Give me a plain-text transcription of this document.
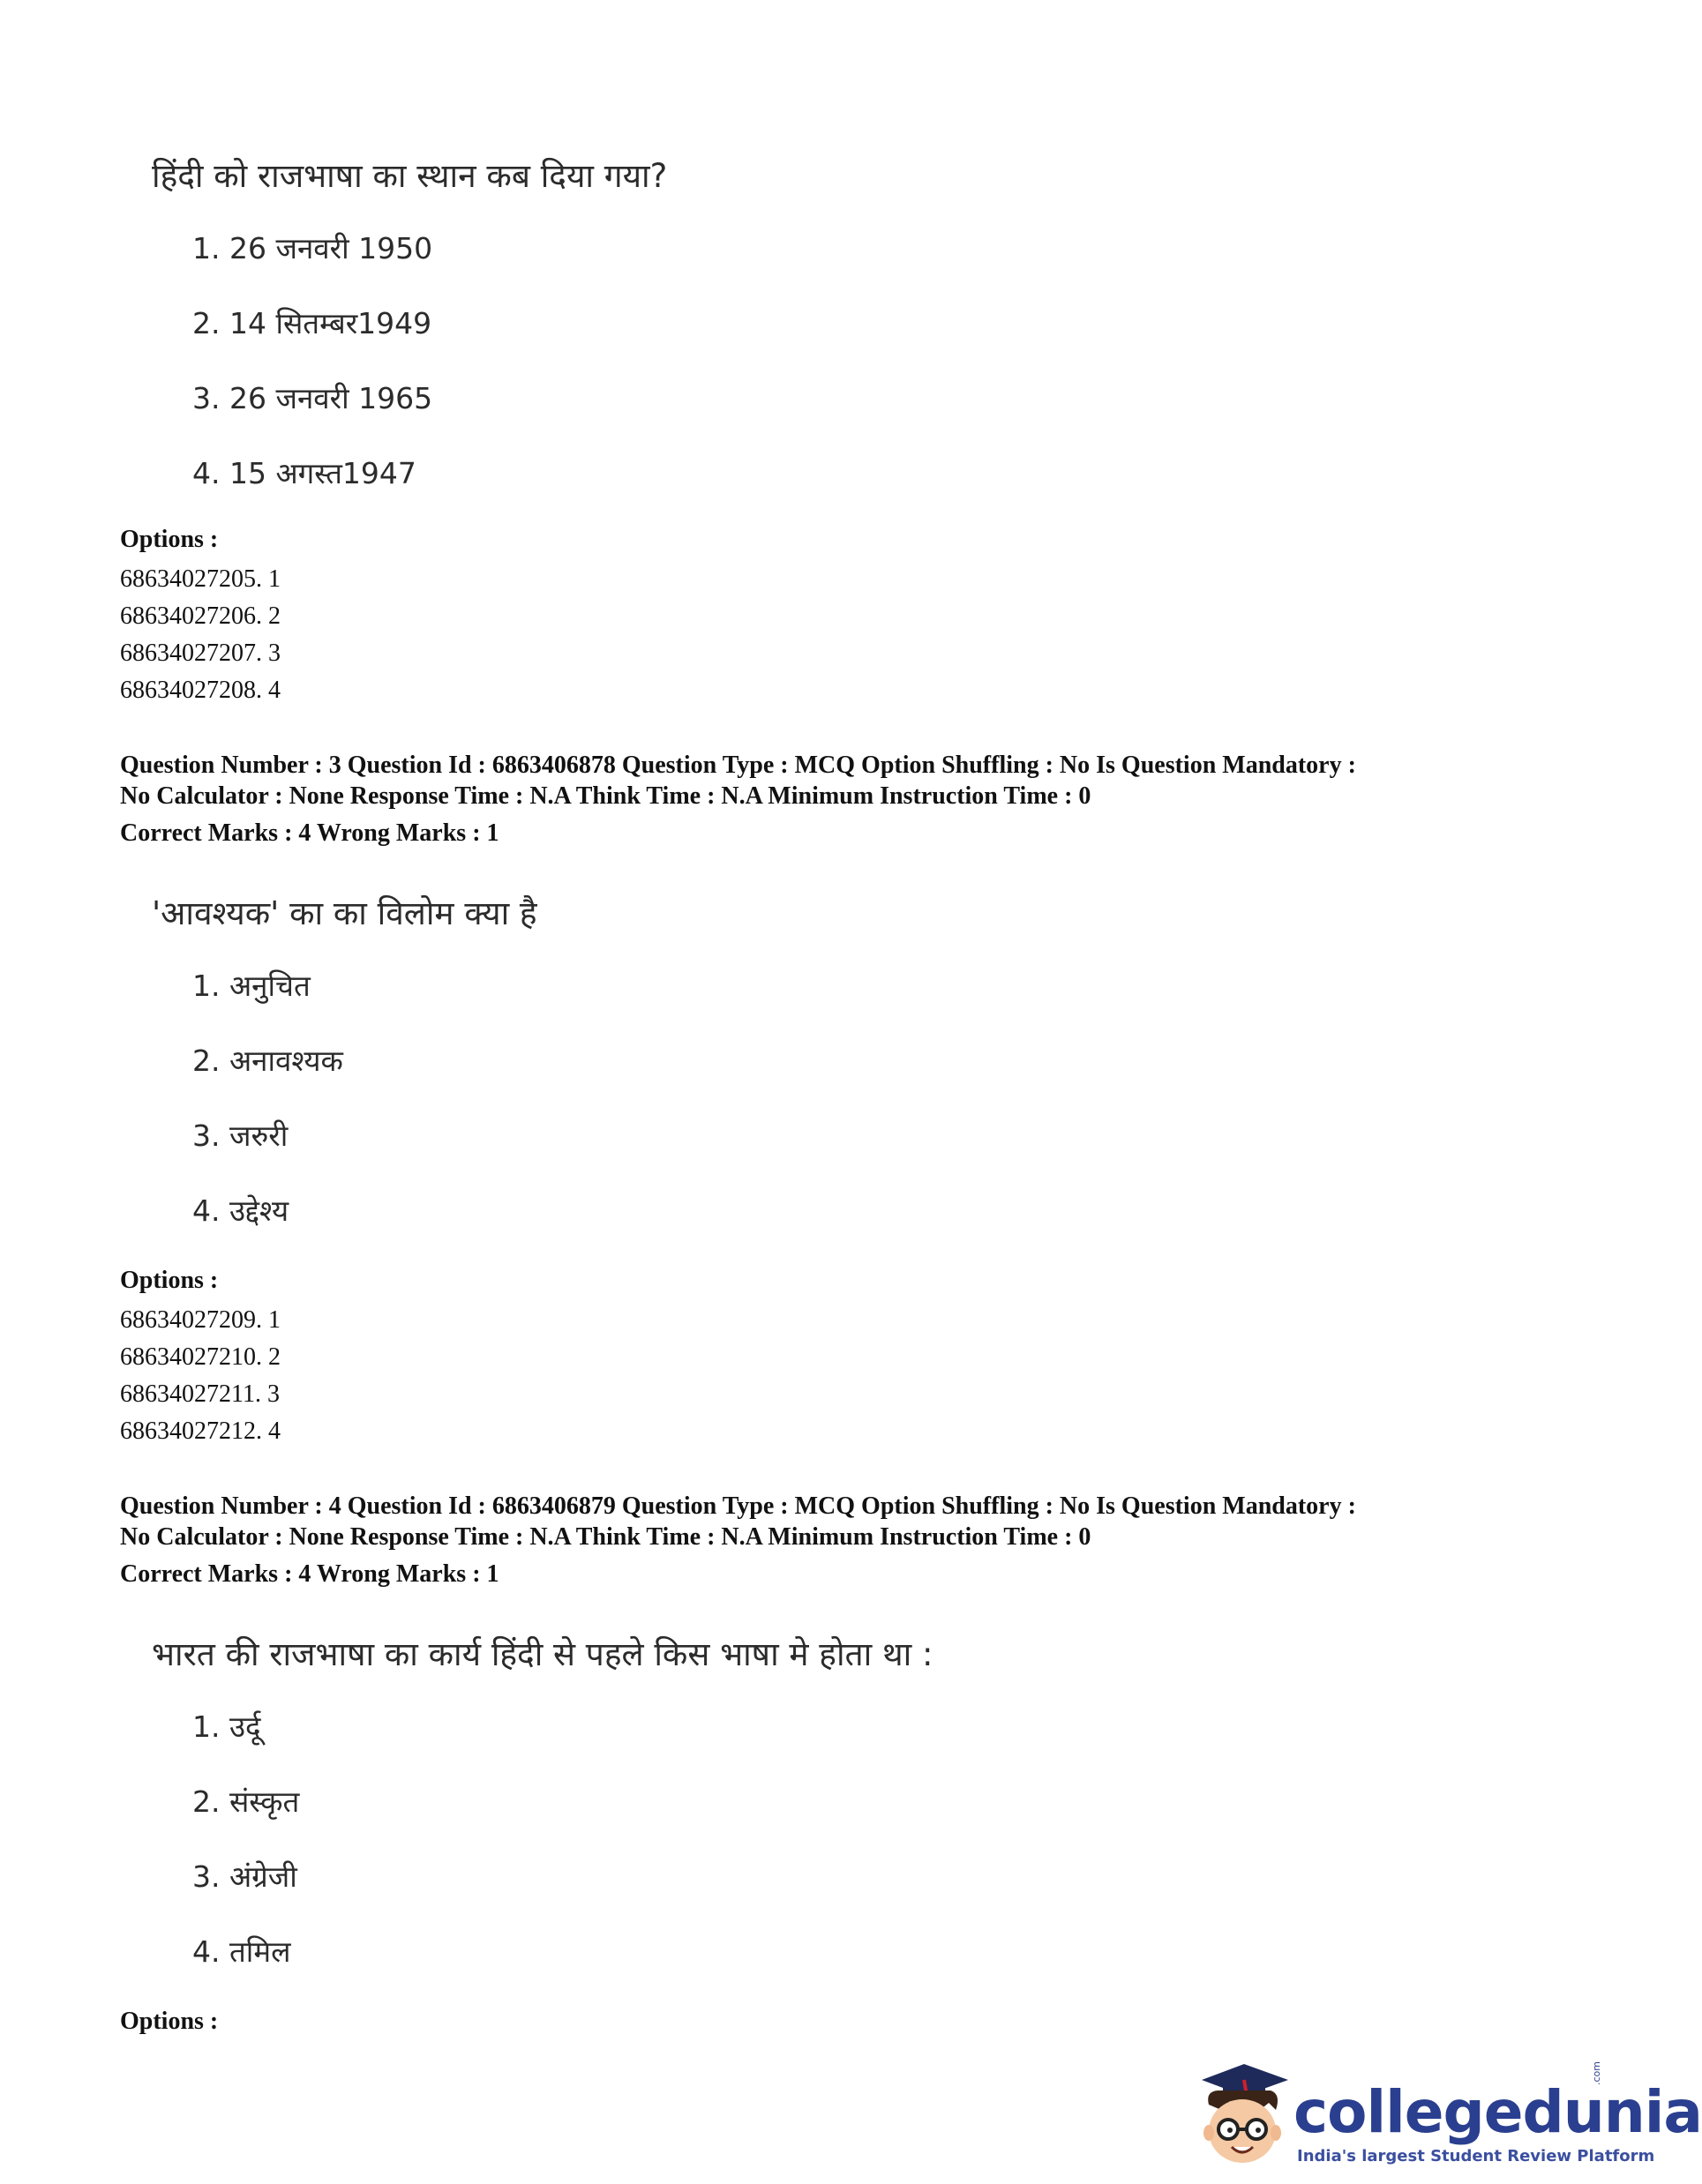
हिंदी को राजभाषा का स्थान कब दिया गया?
1. 26 जनवरी 1950
2. 14 सितम्बर1949
3. 26 जनवरी 1965
4. 15 अगस्त1947
Options :
68634027205. 1
68634027206. 2
68634027207. 3
68634027208. 4
Question Number : 3 Question Id : 6863406878 Question Type : MCQ Option Shuffling : No Is Question Mandatory :
No Calculator : None Response Time : N.A Think Time : N.A Minimum Instruction Time : 0
Correct Marks : 4 Wrong Marks : 1
'आवश्यक' का का विलोम क्या है
1. अनुचित
2. अनावश्यक
3. जरुरी
4. उद्देश्य
Options :
68634027209. 1
68634027210. 2
68634027211. 3
68634027212. 4
Question Number : 4 Question Id : 6863406879 Question Type : MCQ Option Shuffling : No Is Question Mandatory :
No Calculator : None Response Time : N.A Think Time : N.A Minimum Instruction Time : 0
Correct Marks : 4 Wrong Marks : 1
भारत की राजभाषा का कार्य हिंदी से पहले किस भाषा मे होता था :
1. उर्दू
2. संस्कृत
3. अंग्रेजी
4. तमिल
Options :
collegedunia
.com
India's largest Student Review Platform
